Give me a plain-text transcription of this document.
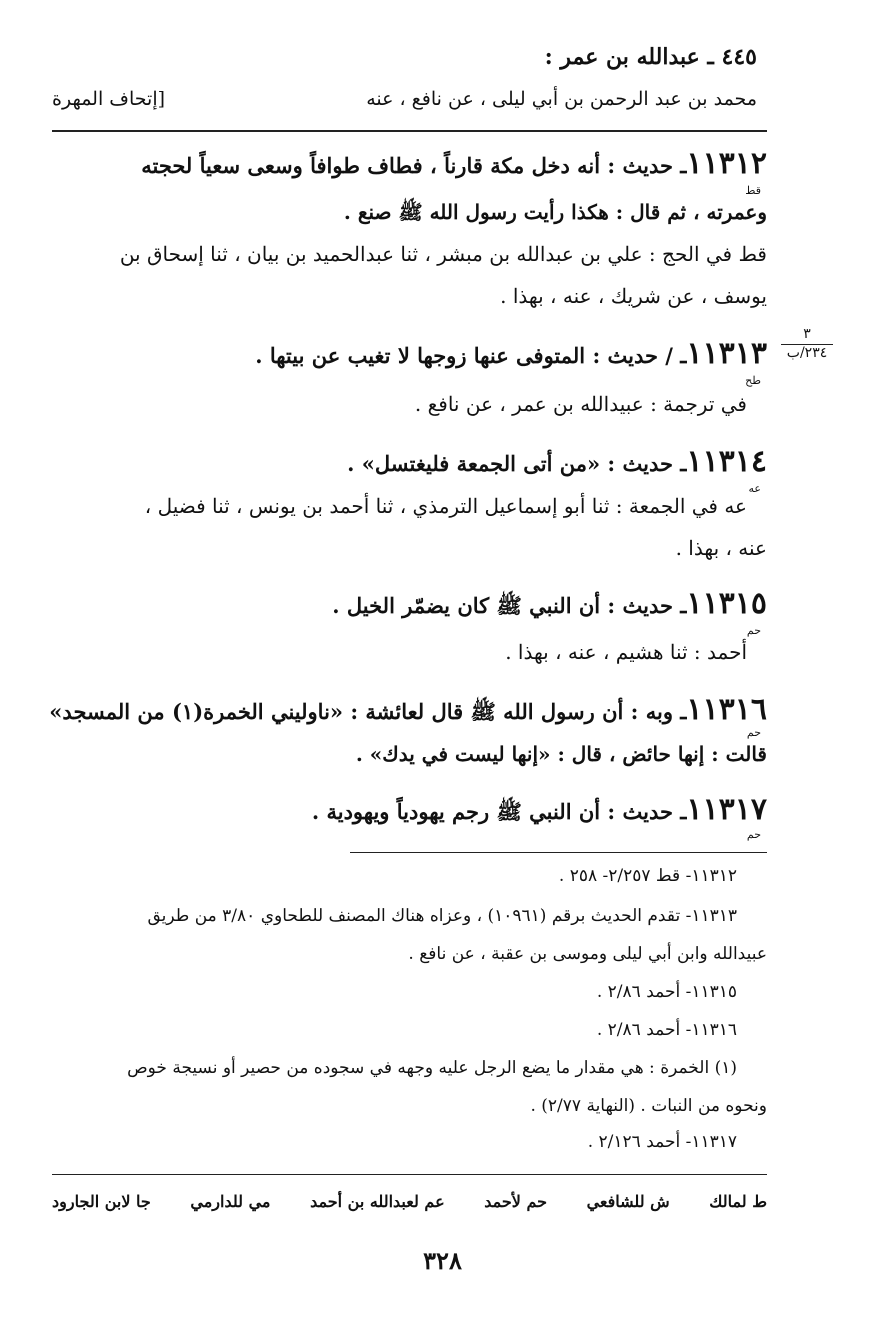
٤٤٥ ـ عبدالله بن عمر :
محمد بن عبد الرحمن بن أبي ليلى ، عن نافع ، عنه
[إتحاف المهرة
١١٣١٢ـ حديث : أنه دخل مكة قارناً ، فطاف طوافاً وسعى سعياً لحجته
قط
وعمرته ، ثم قال : هكذا رأيت رسول الله ﷺ صنع .
قط في الحج : علي بن عبدالله بن مبشر ، ثنا عبدالحميد بن بيان ، ثنا إسحاق بن
يوسف ، عن شريك ، عنه ، بهذا .
٣
٢٣٤/ب
١١٣١٣ـ / حديث : المتوفى عنها زوجها لا تغيب عن بيتها .
طح
في ترجمة : عبيدالله بن عمر ، عن نافع .
١١٣١٤ـ حديث : «من أتى الجمعة فليغتسل» .
عه
عه في الجمعة : ثنا أبو إسماعيل الترمذي ، ثنا أحمد بن يونس ، ثنا فضيل ،
عنه ، بهذا .
١١٣١٥ـ حديث : أن النبي ﷺ كان يضمّر الخيل .
حم
أحمد : ثنا هشيم ، عنه ، بهذا .
١١٣١٦ـ وبه : أن رسول الله ﷺ قال لعائشة : «ناوليني الخمرة(١) من المسجد»
حم
قالت : إنها حائض ، قال : «إنها ليست في يدك» .
١١٣١٧ـ حديث : أن النبي ﷺ رجم يهودياً ويهودية .
حم
١١٣١٢- قط ٢/٢٥٧- ٢٥٨ .
١١٣١٣- تقدم الحديث برقم (١٠٩٦١) ، وعزاه هناك المصنف للطحاوي ٣/٨٠ من طريق
عبيدالله وابن أبي ليلى وموسى بن عقبة ، عن نافع .
١١٣١٥- أحمد ٢/٨٦ .
١١٣١٦- أحمد ٢/٨٦ .
(١) الخمرة : هي مقدار ما يضع الرجل عليه وجهه في سجوده من حصير أو نسيجة خوص
ونحوه من النبات . (النهاية ٢/٧٧) .
١١٣١٧- أحمد ٢/١٢٦ .
ط لمالك
ش للشافعي
حم لأحمد
عم لعبدالله بن أحمد
مي للدارمي
جا لابن الجارود
٣٢٨
